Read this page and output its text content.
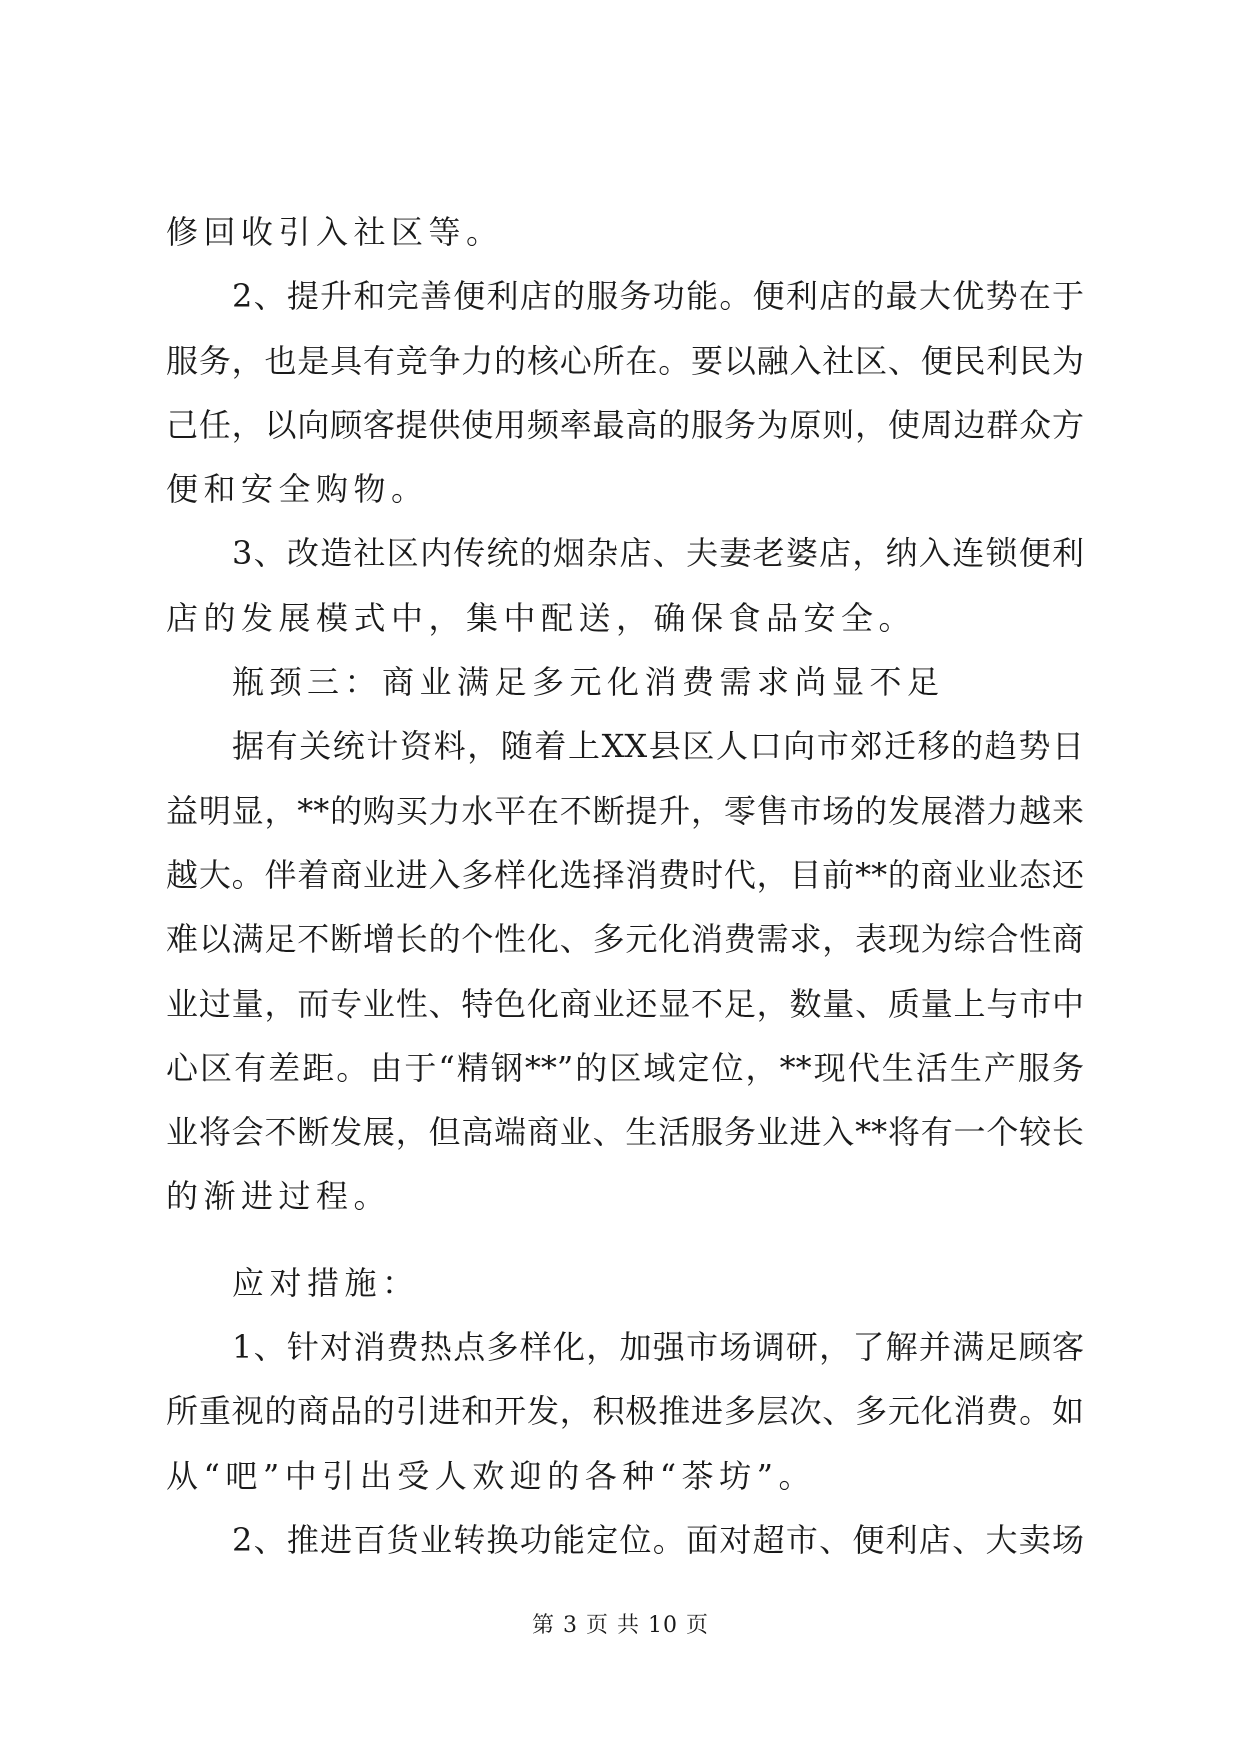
修回收引入社区等。
2、提升和完善便利店的服务功能。便利店的最大优势在于
服务，也是具有竞争力的核心所在。要以融入社区、便民利民为
己任，以向顾客提供使用频率最高的服务为原则，使周边群众方
便和安全购物。
3、改造社区内传统的烟杂店、夫妻老婆店，纳入连锁便利
店的发展模式中，集中配送，确保食品安全。
瓶颈三：商业满足多元化消费需求尚显不足
据有关统计资料，随着上XX县区人口向市郊迁移的趋势日
益明显，**的购买力水平在不断提升，零售市场的发展潜力越来
越大。伴着商业进入多样化选择消费时代，目前**的商业业态还
难以满足不断增长的个性化、多元化消费需求，表现为综合性商
业过量，而专业性、特色化商业还显不足，数量、质量上与市中
心区有差距。由于“精钢**”的区域定位，**现代生活生产服务
业将会不断发展，但高端商业、生活服务业进入**将有一个较长
的渐进过程。
应对措施：
1、针对消费热点多样化，加强市场调研，了解并满足顾客
所重视的商品的引进和开发，积极推进多层次、多元化消费。如
从“吧”中引出受人欢迎的各种“茶坊”。
2、推进百货业转换功能定位。面对超市、便利店、大卖场
第 3 页 共 10 页
